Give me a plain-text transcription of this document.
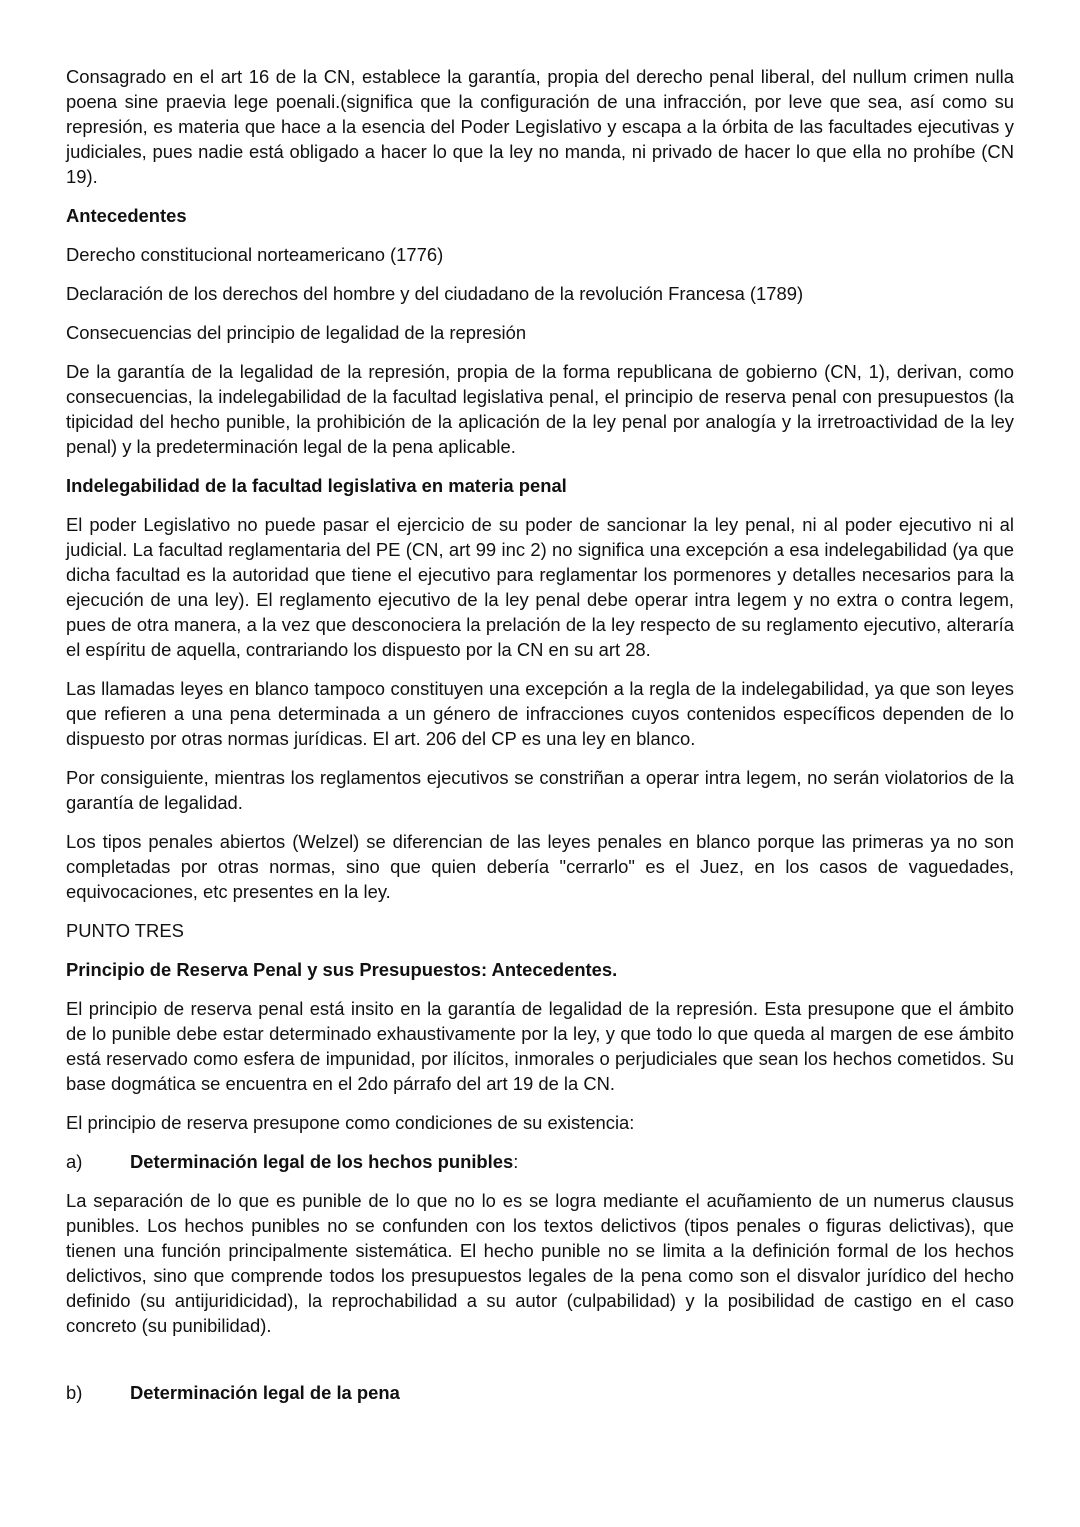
Consagrado en el art 16 de la CN, establece la garantía, propia del derecho penal liberal, del nullum crimen nulla poena sine praevia lege poenali.(significa que la configuración de una infracción, por leve que sea, así como su represión, es materia que hace a la esencia del Poder Legislativo y escapa a la órbita de las facultades ejecutivas y judiciales, pues nadie está obligado a hacer lo que la ley no manda, ni privado de hacer lo que ella no prohíbe (CN 19).

Antecedentes

Derecho constitucional norteamericano (1776)

Declaración de los derechos del hombre y del ciudadano de la revolución Francesa (1789)

Consecuencias del principio de legalidad de la represión

De la garantía de la legalidad de la represión, propia de la forma republicana de gobierno (CN, 1), derivan, como consecuencias, la indelegabilidad de la facultad legislativa penal, el principio de reserva penal con presupuestos (la tipicidad del hecho punible, la prohibición de la aplicación de la ley penal por analogía y la irretroactividad de la ley penal) y la predeterminación legal de la pena aplicable.

Indelegabilidad de la facultad legislativa en materia penal

El poder Legislativo no puede pasar el ejercicio de su poder de sancionar la ley penal, ni al poder ejecutivo ni al judicial. La facultad reglamentaria del PE (CN, art 99 inc 2) no significa una excepción a esa indelegabilidad (ya que dicha facultad es la autoridad que tiene el ejecutivo para reglamentar los pormenores y detalles necesarios para la ejecución de una ley). El reglamento ejecutivo de la ley penal debe operar intra legem y no extra o contra legem, pues de otra manera, a la vez que desconociera la prelación de la ley respecto de su reglamento ejecutivo, alteraría el espíritu de aquella, contrariando los dispuesto por la CN en su art 28.

Las llamadas leyes en blanco tampoco constituyen una excepción a la regla de la indelegabilidad, ya que son leyes que refieren a una pena determinada a un género de infracciones cuyos contenidos específicos dependen de lo dispuesto por otras normas jurídicas. El art. 206 del CP es una ley en blanco.

Por consiguiente, mientras los reglamentos ejecutivos se constriñan a operar intra legem, no serán violatorios de la garantía de legalidad.

Los tipos penales abiertos (Welzel) se diferencian de las leyes penales en blanco porque las primeras ya no son completadas por otras normas, sino que quien debería "cerrarlo" es el Juez, en los casos de vaguedades, equivocaciones, etc presentes en la ley.

PUNTO TRES

Principio de Reserva Penal y sus Presupuestos: Antecedentes.

El principio de reserva penal está insito en la garantía de legalidad de la represión. Esta presupone que el ámbito de lo punible debe estar determinado exhaustivamente por la ley, y que todo lo que queda al margen de ese ámbito está reservado como esfera de impunidad, por ilícitos, inmorales o perjudiciales que sean los hechos cometidos. Su base dogmática se encuentra en el 2do párrafo del art 19 de la CN.

El principio de reserva presupone como condiciones de su existencia:

a)	Determinación legal de los hechos punibles:

La separación de lo que es punible de lo que no lo es se logra mediante el acuñamiento de un numerus clausus punibles. Los hechos punibles no se confunden con los textos delictivos (tipos penales o figuras delictivas), que tienen una función principalmente sistemática. El hecho punible no se limita a la definición formal de los hechos delictivos, sino que comprende todos los presupuestos legales de la pena como son el disvalor jurídico del hecho definido (su antijuridicidad), la reprochabilidad a su autor (culpabilidad) y la posibilidad de castigo en el caso concreto (su punibilidad).

b)	Determinación legal de la pena
